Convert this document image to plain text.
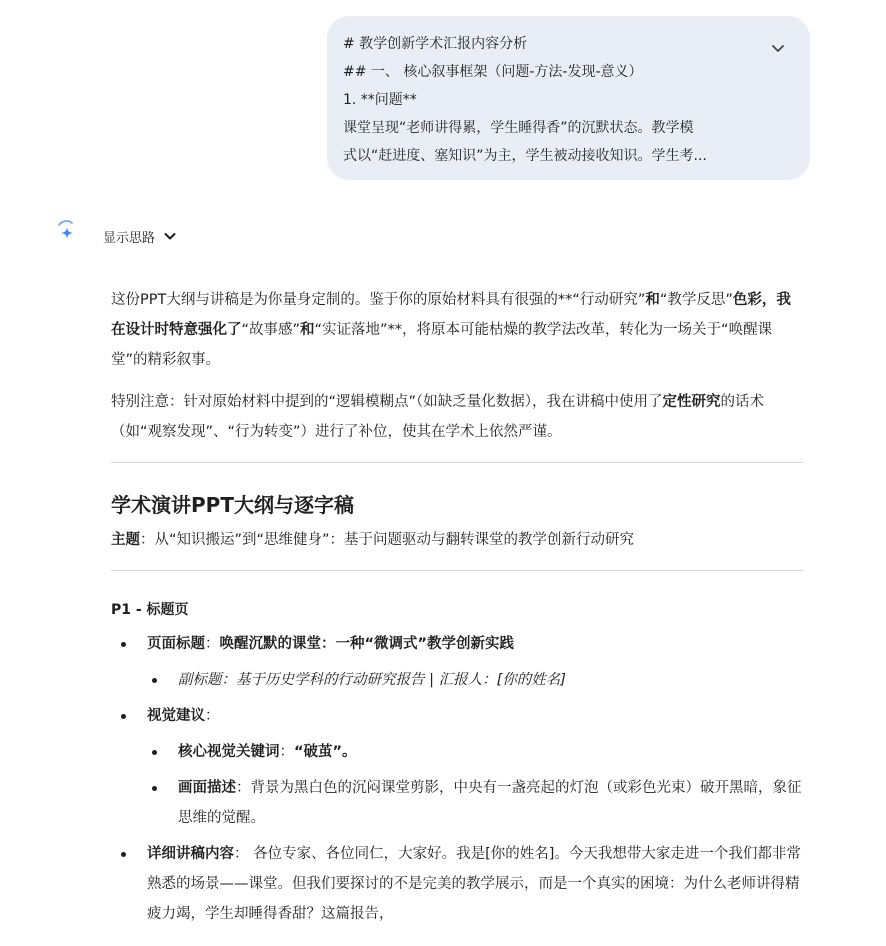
# 教学创新学术汇报内容分析
## 一、 核心叙事框架（问题-方法-发现-意义）
1. **问题**
课堂呈现“老师讲得累，学生睡得香”的沉默状态。教学模
式以“赶进度、塞知识”为主，学生被动接收知识。学生考...
显示思路

这份PPT大纲与讲稿是为你量身定制的。鉴于你的原始材料具有很强的**“行动研究”和“教学反思”色彩，我在设计时特意强化了“故事感”和“实证落地”**，将原本可能枯燥的教学法改革，转化为一场关于“唤醒课堂”的精彩叙事。

特别注意：针对原始材料中提到的“逻辑模糊点”（如缺乏量化数据），我在讲稿中使用了定性研究的话术（如“观察发现”、“行为转变”）进行了补位，使其在学术上依然严谨。

学术演讲PPT大纲与逐字稿

主题：从“知识搬运”到“思维健身”：基于问题驱动与翻转课堂的教学创新行动研究

P1 - 标题页

页面标题：唤醒沉默的课堂：一种“微调式”教学创新实践
副标题：基于历史学科的行动研究报告 | 汇报人：[你的姓名]
视觉建议：
核心视觉关键词：“破茧”。
画面描述：背景为黑白色的沉闷课堂剪影，中央有一盏亮起的灯泡（或彩色光束）破开黑暗，象征思维的觉醒。
详细讲稿内容： 各位专家、各位同仁，大家好。我是[你的姓名]。今天我想带大家走进一个我们都非常熟悉的场景——课堂。但我们要探讨的不是完美的教学展示，而是一个真实的困境：为什么老师讲得精疲力竭，学生却睡得香甜？这篇报告，
